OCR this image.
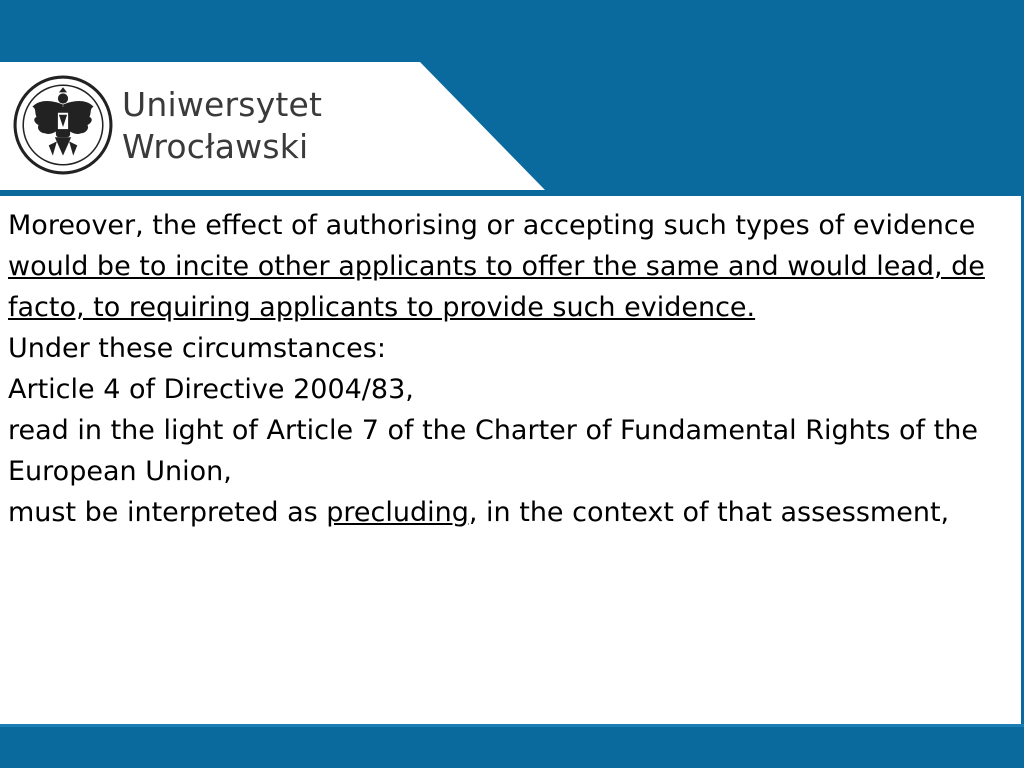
Uniwersytet
Wrocławski

Moreover, the effect of authorising or accepting such types of evidence

would be to incite other applicants to offer the same and would lead, de facto, to requiring applicants to provide such evidence.

Under these circumstances:

Article 4 of Directive 2004/83,

read in the light of Article 7 of the Charter of Fundamental Rights of the European Union,

must be interpreted as precluding, in the context of that assessment,
